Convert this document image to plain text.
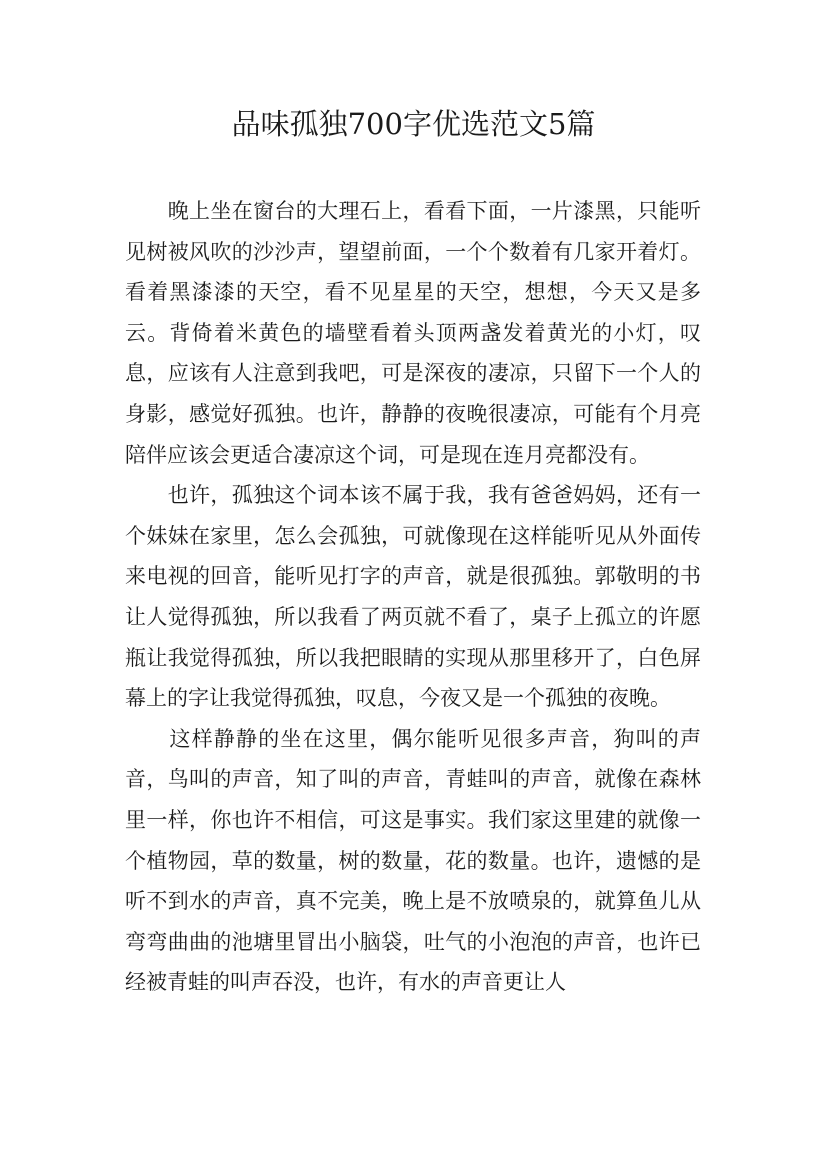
品味孤独700字优选范文5篇

　　晚上坐在窗台的大理石上，看看下面，一片漆黑，只能听见树被风吹的沙沙声，望望前面，一个个数着有几家开着灯。看着黑漆漆的天空，看不见星星的天空，想想，今天又是多云。背倚着米黄色的墙壁看着头顶两盏发着黄光的小灯，叹息，应该有人注意到我吧，可是深夜的凄凉，只留下一个人的身影，感觉好孤独。也许，静静的夜晚很凄凉，可能有个月亮陪伴应该会更适合凄凉这个词，可是现在连月亮都没有。

　　也许，孤独这个词本该不属于我，我有爸爸妈妈，还有一个妹妹在家里，怎么会孤独，可就像现在这样能听见从外面传来电视的回音，能听见打字的声音，就是很孤独。郭敬明的书让人觉得孤独，所以我看了两页就不看了，桌子上孤立的许愿瓶让我觉得孤独，所以我把眼睛的实现从那里移开了，白色屏幕上的字让我觉得孤独，叹息，今夜又是一个孤独的夜晚。

　　这样静静的坐在这里，偶尔能听见很多声音，狗叫的声音，鸟叫的声音，知了叫的声音，青蛙叫的声音，就像在森林里一样，你也许不相信，可这是事实。我们家这里建的就像一个植物园，草的数量，树的数量，花的数量。也许，遗憾的是听不到水的声音，真不完美，晚上是不放喷泉的，就算鱼儿从弯弯曲曲的池塘里冒出小脑袋，吐气的小泡泡的声音，也许已经被青蛙的叫声吞没，也许，有水的声音更让人
